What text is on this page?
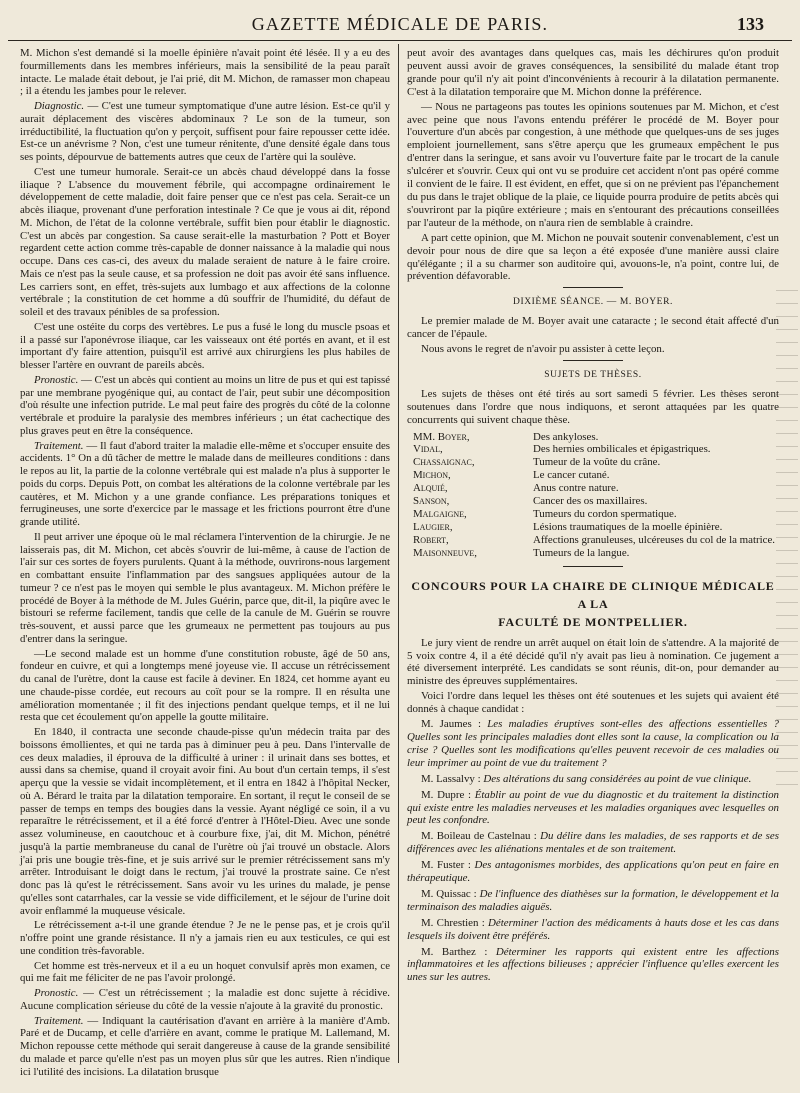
GAZETTE MÉDICALE DE PARIS.	133

M. Michon s'est demandé si la moelle épinière n'avait point été lésée. Il y a eu des fourmillements dans les membres inférieurs, mais la sensibilité de la peau paraît intacte. Le malade était debout, je l'ai prié, dit M. Michon, de ramasser mon chapeau ; il a étendu les jambes pour le relever.

Diagnostic. — C'est une tumeur symptomatique d'une autre lésion. Est-ce qu'il y aurait déplacement des viscères abdominaux ? Le son de la tumeur, son irréductibilité, la fluctuation qu'on y perçoit, suffisent pour faire repousser cette idée. Est-ce un anévrisme ? Non, c'est une tumeur rénitente, d'une densité égale dans tous ses points, dépourvue de battements autres que ceux de l'artère qui la soulève.

C'est une tumeur humorale. Serait-ce un abcès chaud développé dans la fosse iliaque ? L'absence du mouvement fébrile, qui accompagne ordinairement le développement de cette maladie, doit faire penser que ce n'est pas cela. Serait-ce un abcès iliaque, provenant d'une perforation intestinale ? Ce que je vous ai dit, répond M. Michon, de l'état de la colonne vertébrale, suffit bien pour établir le diagnostic. C'est un abcès par congestion. Sa cause serait-elle la masturbation ? Pott et Boyer regardent cette action comme très-capable de donner naissance à la maladie qui nous occupe. Dans ces cas-ci, des aveux du malade seraient de nature à le faire croire. Mais ce n'est pas la seule cause, et sa profession ne doit pas avoir été sans influence. Les carriers sont, en effet, très-sujets aux lumbago et aux affections de la colonne vertébrale ; la constitution de cet homme a dû souffrir de l'humidité, du défaut de soleil et des travaux pénibles de sa profession.

C'est une ostéite du corps des vertèbres. Le pus a fusé le long du muscle psoas et il a passé sur l'aponévrose iliaque, car les vaisseaux ont été portés en avant, et il est important d'y faire attention, puisqu'il est arrivé aux chirurgiens les plus habiles de blesser l'artère en ouvrant de pareils abcès.

Pronostic. — C'est un abcès qui contient au moins un litre de pus et qui est tapissé par une membrane pyogénique qui, au contact de l'air, peut subir une décomposition d'où résulte une infection putride. Le mal peut faire des progrès du côté de la colonne vertébrale et produire la paralysie des membres inférieurs ; un état cachectique des plus graves peut en être la conséquence.

Traitement. — Il faut d'abord traiter la maladie elle-même et s'occuper ensuite des accidents. 1° On a dû tâcher de mettre le malade dans de meilleures conditions : dans le repos au lit, la partie de la colonne vertébrale qui est malade n'a plus à supporter le poids du corps. Depuis Pott, on combat les altérations de la colonne vertébrale par les cautères, et M. Michon y a une grande confiance. Les préparations toniques et ferrugineuses, une sorte d'exercice par le massage et les frictions pourront être d'une grande utilité.

Il peut arriver une époque où le mal réclamera l'intervention de la chirurgie. Je ne laisserais pas, dit M. Michon, cet abcès s'ouvrir de lui-même, à cause de l'action de l'air sur ces sortes de foyers purulents. Quant à la méthode, ouvrirons-nous largement en combattant ensuite l'inflammation par des sangsues appliquées autour de la tumeur ? ce n'est pas le moyen qui semble le plus avantageux. M. Michon préfère le procédé de Boyer à la méthode de M. Jules Guérin, parce que, dit-il, la piqûre avec le bistouri se referme facilement, tandis que celle de la canule de M. Guérin se rouvre très-souvent, et aussi parce que les grumeaux ne permettent pas toujours au pus d'entrer dans la seringue.

—Le second malade est un homme d'une constitution robuste, âgé de 50 ans, fondeur en cuivre, et qui a longtemps mené joyeuse vie. Il accuse un rétrécissement du canal de l'urètre, dont la cause est facile à deviner. En 1824, cet homme ayant eu une chaude-pisse cordée, eut recours au coït pour se la rompre. Il en résulta une amélioration momentanée ; il fit des injections pendant quelque temps, et il ne lui resta que cet écoulement qu'on appelle la goutte militaire.

En 1840, il contracta une seconde chaude-pisse qu'un médecin traita par des boissons émollientes, et qui ne tarda pas à diminuer peu à peu. Dans l'intervalle de ces deux maladies, il éprouva de la difficulté à uriner : il urinait dans ses bottes, et aussi dans sa chemise, quand il croyait avoir fini. Au bout d'un certain temps, il s'est aperçu que la vessie se vidait incomplètement, et il entra en 1842 à l'hôpital Necker, où A. Bérard le traita par la dilatation temporaire. En sortant, il reçut le conseil de se passer de temps en temps des bougies dans la vessie. Ayant négligé ce soin, il a vu reparaître le rétrécissement, et il a été forcé d'entrer à l'Hôtel-Dieu. Avec une sonde assez volumineuse, en caoutchouc et à courbure fixe, j'ai, dit M. Michon, pénétré jusqu'à la partie membraneuse du canal de l'urètre où j'ai trouvé un obstacle. Alors j'ai pris une bougie très-fine, et je suis arrivé sur le premier rétrécissement sans m'y arrêter. Introduisant le doigt dans le rectum, j'ai trouvé la prostrate saine. Ce n'est donc pas là qu'est le rétrécissement. Sans avoir vu les urines du malade, je pense qu'elles sont catarrhales, car la vessie se vide difficilement, et le séjour de l'urine doit avoir enflammé la muqueuse vésicale.

Le rétrécissement a-t-il une grande étendue ? Je ne le pense pas, et je crois qu'il n'offre point une grande résistance. Il n'y a jamais rien eu aux testicules, ce qui est une condition très-favorable.

Cet homme est très-nerveux et il a eu un hoquet convulsif après mon examen, ce qui me fait me féliciter de ne pas l'avoir prolongé.

Pronostic. — C'est un rétrécissement ; la maladie est donc sujette à récidive. Aucune complication sérieuse du côté de la vessie n'ajoute à la gravité du pronostic.

Traitement. — Indiquant la cautérisation d'avant en arrière à la manière d'Amb. Paré et de Ducamp, et celle d'arrière en avant, comme le pratique M. Lallemand, M. Michon repousse cette méthode qui serait dangereuse à cause de la grande sensibilité du malade et parce qu'elle n'est pas un moyen plus sûr que les autres. Rien n'indique ici l'utilité des incisions. La dilatation brusque

peut avoir des avantages dans quelques cas, mais les déchirures qu'on produit peuvent aussi avoir de graves conséquences, la sensibilité du malade étant trop grande pour qu'il n'y ait point d'inconvénients à recourir à la dilatation permanente. C'est à la dilatation temporaire que M. Michon donne la préférence.

— Nous ne partageons pas toutes les opinions soutenues par M. Michon, et c'est avec peine que nous l'avons entendu préférer le procédé de M. Boyer pour l'ouverture d'un abcès par congestion, à une méthode que quelques-uns de ses juges emploient journellement, sans s'être aperçu que les grumeaux empêchent le pus d'entrer dans la seringue, et sans avoir vu l'ouverture faite par le trocart de la canule s'ulcérer et s'ouvrir. Ceux qui ont vu se produire cet accident n'ont pas opéré comme il convient de le faire. Il est évident, en effet, que si on ne prévient pas l'épanchement du pus dans le trajet oblique de la plaie, ce liquide pourra produire de petits abcès qui s'ouvriront par la piqûre extérieure ; mais en s'entourant des précautions conseillées par l'auteur de la méthode, on n'aura rien de semblable à craindre.

A part cette opinion, que M. Michon ne pouvait soutenir convenablement, c'est un devoir pour nous de dire que sa leçon a été exposée d'une manière aussi claire qu'élégante ; il a su charmer son auditoire qui, avouons-le, n'a point, contre lui, de prévention défavorable.

DIXIÈME SÉANCE. — M. BOYER.

Le premier malade de M. Boyer avait une cataracte ; le second était affecté d'un cancer de l'épaule.

Nous avons le regret de n'avoir pu assister à cette leçon.

SUJETS DE THÈSES.

Les sujets de thèses ont été tirés au sort samedi 5 février. Les thèses seront soutenues dans l'ordre que nous indiquons, et seront attaquées par les quatre concurrents qui suivent chaque thèse.

MM. Boyer,	Des ankyloses.
Vidal,	Des hernies ombilicales et épigastriques.
Chassaignac,	Tumeur de la voûte du crâne.
Michon,	Le cancer cutané.
Alquié,	Anus contre nature.
Sanson,	Cancer des os maxillaires.
Malgaigne,	Tumeurs du cordon spermatique.
Laugier,	Lésions traumatiques de la moelle épinière.
Robert,	Affections granuleuses, ulcéreuses du col de la matrice.
Maisonneuve,	Tumeurs de la langue.
CONCOURS POUR LA CHAIRE DE CLINIQUE MÉDICALE A LA
FACULTÉ DE MONTPELLIER.

Le jury vient de rendre un arrêt auquel on était loin de s'attendre. A la majorité de 5 voix contre 4, il a été décidé qu'il n'y avait pas lieu à nomination. Ce jugement a été diversement interprété. Les candidats se sont réunis, dit-on, pour demander au ministre des épreuves supplémentaires.

Voici l'ordre dans lequel les thèses ont été soutenues et les sujets qui avaient été donnés à chaque candidat :

M. Jaumes : Les maladies éruptives sont-elles des affections essentielles ? Quelles sont les principales maladies dont elles sont la cause, la complication ou la crise ? Quelles sont les modifications qu'elles peuvent recevoir de ces maladies ou leur imprimer au point de vue du traitement ?

M. Lassalvy : Des altérations du sang considérées au point de vue clinique.

M. Dupre : Établir au point de vue du diagnostic et du traitement la distinction qui existe entre les maladies nerveuses et les maladies organiques avec lesquelles on peut les confondre.

M. Boileau de Castelnau : Du délire dans les maladies, de ses rapports et de ses différences avec les aliénations mentales et de son traitement.

M. Fuster : Des antagonismes morbides, des applications qu'on peut en faire en thérapeutique.

M. Quissac : De l'influence des diathèses sur la formation, le développement et la terminaison des maladies aiguës.

M. Chrestien : Déterminer l'action des médicaments à hauts dose et les cas dans lesquels ils doivent être préférés.

M. Barthez : Déterminer les rapports qui existent entre les affections inflammatoires et les affections bilieuses ; apprécier l'influence qu'elles exercent les unes sur les autres.
